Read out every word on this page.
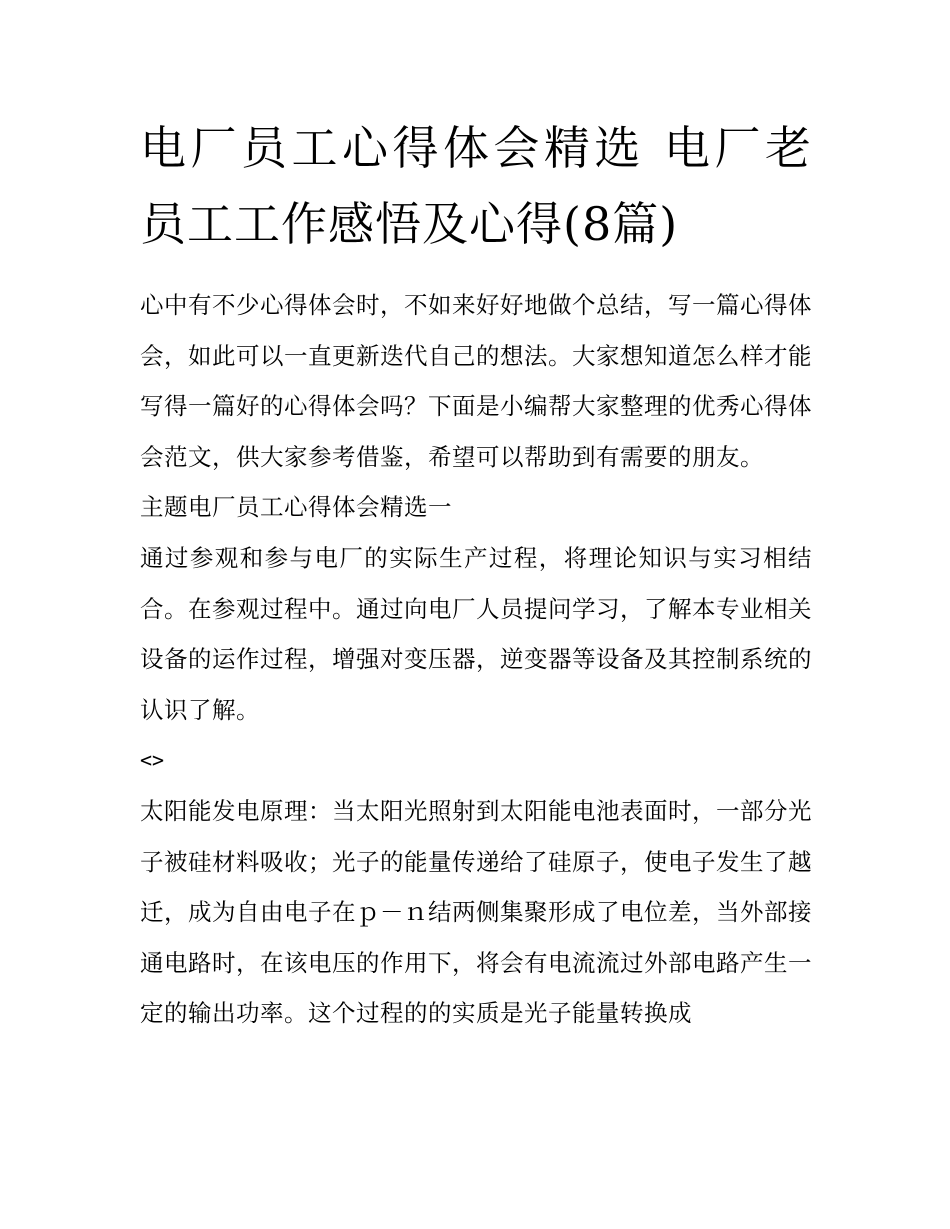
电厂员工心得体会精选 电厂老员工工作感悟及心得(8篇)

心中有不少心得体会时，不如来好好地做个总结，写一篇心得体会，如此可以一直更新迭代自己的想法。大家想知道怎么样才能写得一篇好的心得体会吗？下面是小编帮大家整理的优秀心得体会范文，供大家参考借鉴，希望可以帮助到有需要的朋友。

主题电厂员工心得体会精选一

通过参观和参与电厂的实际生产过程，将理论知识与实习相结合。在参观过程中。通过向电厂人员提问学习，了解本专业相关设备的运作过程，增强对变压器，逆变器等设备及其控制系统的认识了解。

<>

太阳能发电原理：当太阳光照射到太阳能电池表面时，一部分光子被硅材料吸收；光子的能量传递给了硅原子，使电子发生了越迁，成为自由电子在ｐ－ｎ结两侧集聚形成了电位差，当外部接通电路时，在该电压的作用下，将会有电流流过外部电路产生一定的输出功率。这个过程的的实质是光子能量转换成
